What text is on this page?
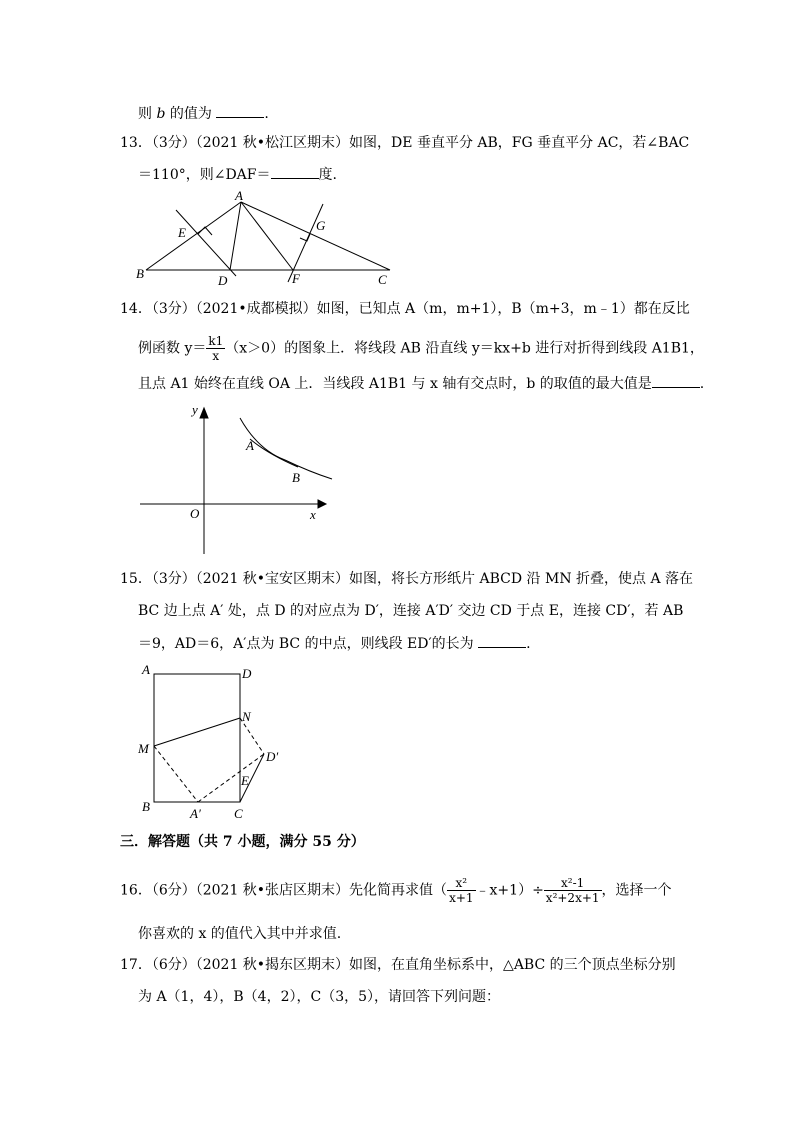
则 b 的值为	.
13．（3分）（2021 秋•松江区期末）如图，DE 垂直平分 AB，FG 垂直平分 AC，若∠BAC
＝110°，则∠DAF＝	度.
A
B	C
D
E
F
G
14．（3分）（2021•成都模拟）如图，已知点 A（m，m+1），B（m+3，m﹣1）都在反比
例函数 $y= \frac{k1}{x} (x>0)$的图象上．将线段 AB 沿直线 y＝kx+b 进行对折得到线段 A1B1，
且点 A1 始终在直线 OA 上．当线段 A1B1 与 x 轴有交点时，b 的取值的最大值是	.
y
x
O
A
B
15．（3分）（2021 秋•宝安区期末）如图，将长方形纸片 ABCD 沿 MN 折叠，使点 A 落在
BC 边上点 A′ 处，点 D 的对应点为 D′，连接 A′D′ 交边 CD 于点 E，连接 CD′，若 AB
＝9，AD＝6，A′点为 BC 的中点，则线段 ED′的长为	.
A	D
N
M
D′
E
B	A′	C
三．解答题（共 7 小题，满分 55 分）
16．（6分）（2021 秋•张店区期末）先化简再求值（ $\frac{\text{x²}}{x+1}$ ﹣x+1）÷ $\frac{\text{x²-1}}{\text{x²+2x+1}}$ ，选择一个
你喜欢的 x 的值代入其中并求值.
17．（6分）（2021 秋•揭东区期末）如图，在直角坐标系中，△ABC 的三个顶点坐标分别
为 A（1，4），B（4，2），C（3，5），请回答下列问题：
